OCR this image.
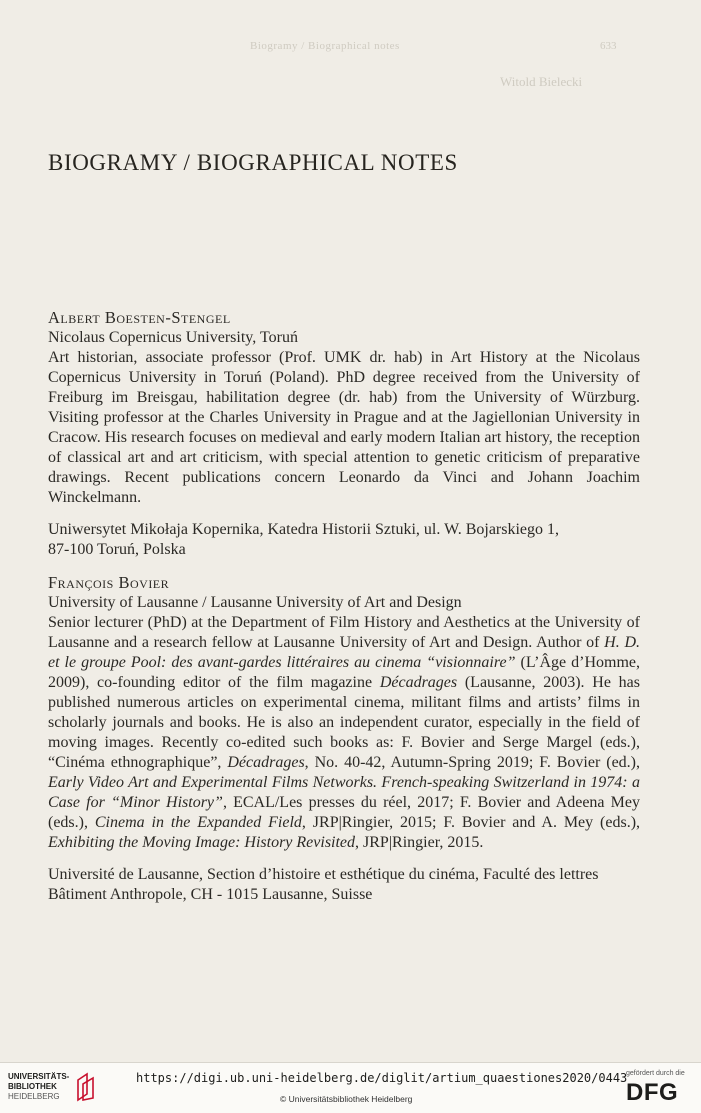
Biogramy / Biographical notes	633
Witold Bielecki
BIOGRAMY / BIOGRAPHICAL NOTES
Albert Boesten-Stengel
Nicolaus Copernicus University, Toruń

Art historian, associate professor (Prof. UMK dr. hab) in Art History at the Nicolaus Copernicus University in Toruń (Poland). PhD degree received from the University of Freiburg im Breisgau, habilitation degree (dr. hab) from the University of Würzburg. Visiting professor at the Charles University in Prague and at the Jagiellonian University in Cracow. His research focuses on medieval and early modern Italian art history, the reception of classical art and art criticism, with special attention to genetic criticism of preparative drawings. Recent publications concern Leonardo da Vinci and Johann Joachim Winckelmann.

Uniwersytet Mikołaja Kopernika, Katedra Historii Sztuki, ul. W. Bojarskiego 1,
87-100 Toruń, Polska
François Bovier
University of Lausanne / Lausanne University of Art and Design

Senior lecturer (PhD) at the Department of Film History and Aesthetics at the University of Lausanne and a research fellow at Lausanne University of Art and Design. Author of H. D. et le groupe Pool: des avant-gardes littéraires au cinema “visionnaire” (L’Âge d’Homme, 2009), co-founding editor of the film magazine Décadrages (Lausanne, 2003). He has published numerous articles on experimental cinema, militant films and artists’ films in scholarly journals and books. He is also an independent curator, especially in the field of moving images. Recently co-edited such books as: F. Bovier and Serge Margel (eds.), “Cinéma ethnographique”, Décadrages, No. 40-42, Autumn-Spring 2019; F. Bovier (ed.), Early Video Art and Experimental Films Networks. French-speaking Switzerland in 1974: a Case for “Minor History”, ECAL/Les presses du réel, 2017; F. Bovier and Adeena Mey (eds.), Cinema in the Expanded Field, JRP|Ringier, 2015; F. Bovier and A. Mey (eds.), Exhibiting the Moving Image: History Revisited, JRP|Ringier, 2015.

Université de Lausanne, Section d’histoire et esthétique du cinéma, Faculté des lettres
Bâtiment Anthropole, CH - 1015 Lausanne, Suisse
UNIVERSITÄTS-
BIBLIOTHEK
HEIDELBERG
https://digi.ub.uni-heidelberg.de/diglit/artium_quaestiones2020/0443
© Universitätsbibliothek Heidelberg
gefördert durch die
DFG
